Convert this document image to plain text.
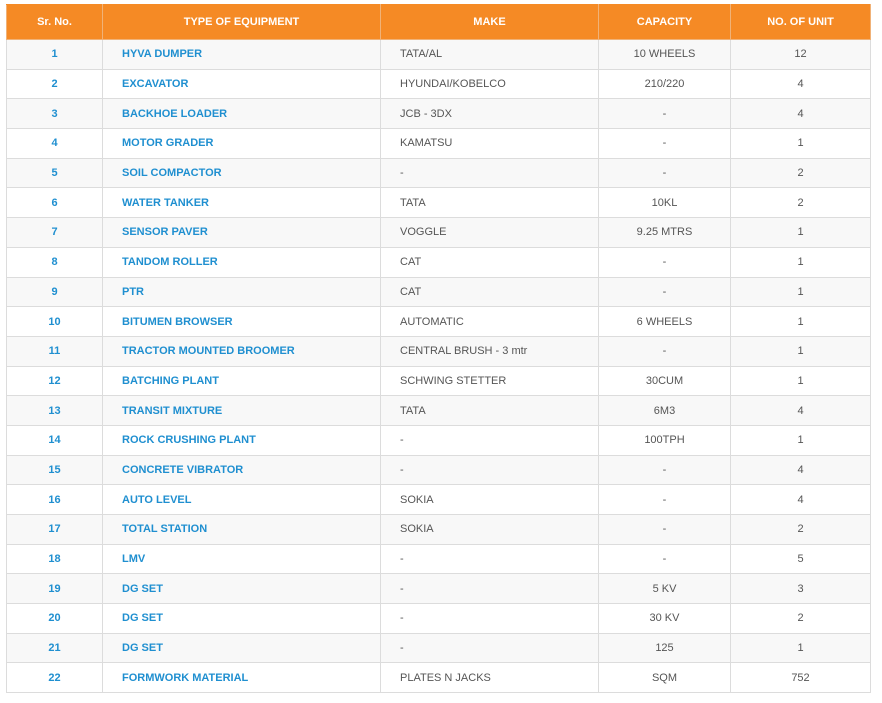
Sr. No.	TYPE OF EQUIPMENT	MAKE	CAPACITY	NO. OF UNIT
1	HYVA DUMPER	TATA/AL	10 WHEELS	12
2	EXCAVATOR	HYUNDAI/KOBELCO	210/220	4
3	BACKHOE LOADER	JCB - 3DX	-	4
4	MOTOR GRADER	KAMATSU	-	1
5	SOIL COMPACTOR	-	-	2
6	WATER TANKER	TATA	10KL	2
7	SENSOR PAVER	VOGGLE	9.25 MTRS	1
8	TANDOM ROLLER	CAT	-	1
9	PTR	CAT	-	1
10	BITUMEN BROWSER	AUTOMATIC	6 WHEELS	1
11	TRACTOR MOUNTED BROOMER	CENTRAL BRUSH - 3 mtr	-	1
12	BATCHING PLANT	SCHWING STETTER	30CUM	1
13	TRANSIT MIXTURE	TATA	6M3	4
14	ROCK CRUSHING PLANT	-	100TPH	1
15	CONCRETE VIBRATOR	-	-	4
16	AUTO LEVEL	SOKIA	-	4
17	TOTAL STATION	SOKIA	-	2
18	LMV	-	-	5
19	DG SET	-	5 KV	3
20	DG SET	-	30 KV	2
21	DG SET	-	125	1
22	FORMWORK MATERIAL	PLATES N JACKS	SQM	752
